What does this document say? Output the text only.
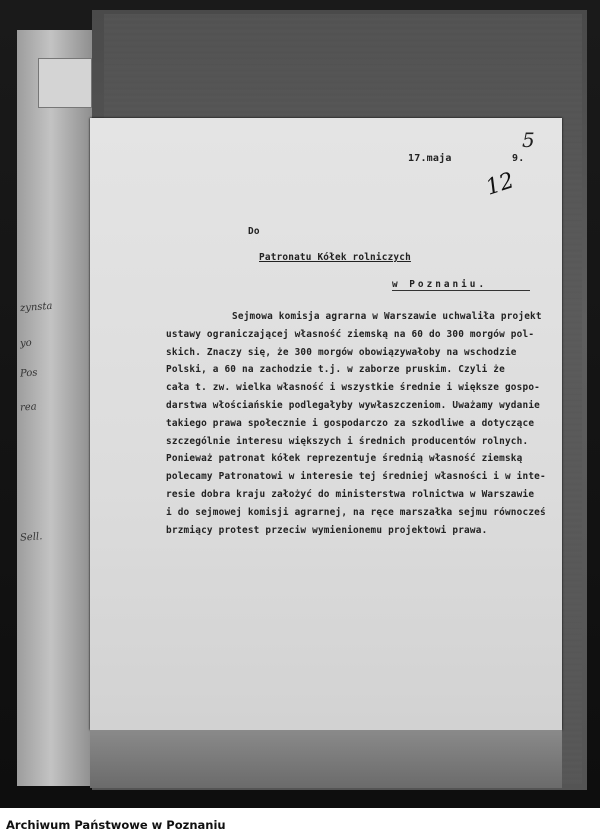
zynsta
yo
Pos
rea
Sell.
17.maja	9.
5
12
Do
Patronatu Kółek rolniczych
w Poznaniu.
Sejmowa komisja agrarna w Warszawie uchwaliła projekt
ustawy ograniczającej własność ziemską na 60 do 300 morgów pol-
skich. Znaczy się, że 300 morgów obowiązywałoby na wschodzie
Polski, a 60 na zachodzie t.j. w zaborze pruskim. Czyli że
cała t. zw. wielka własność i wszystkie średnie i większe gospo-
darstwa włościańskie podlegałyby wywłaszczeniom. Uważamy wydanie
takiego prawa społecznie i gospodarczo za szkodliwe a dotyczące
szczególnie interesu większych i średnich producentów rolnych.
Ponieważ patronat kółek reprezentuje średnią własność ziemską
polecamy Patronatowi w interesie tej średniej własności i w inte-
resie dobra kraju założyć do ministerstwa rolnictwa w Warszawie
i do sejmowej komisji agrarnej, na ręce marszałka sejmu równocześ
brzmiący protest przeciw wymienionemu projektowi prawa.
Archiwum Państwowe w Poznaniu
